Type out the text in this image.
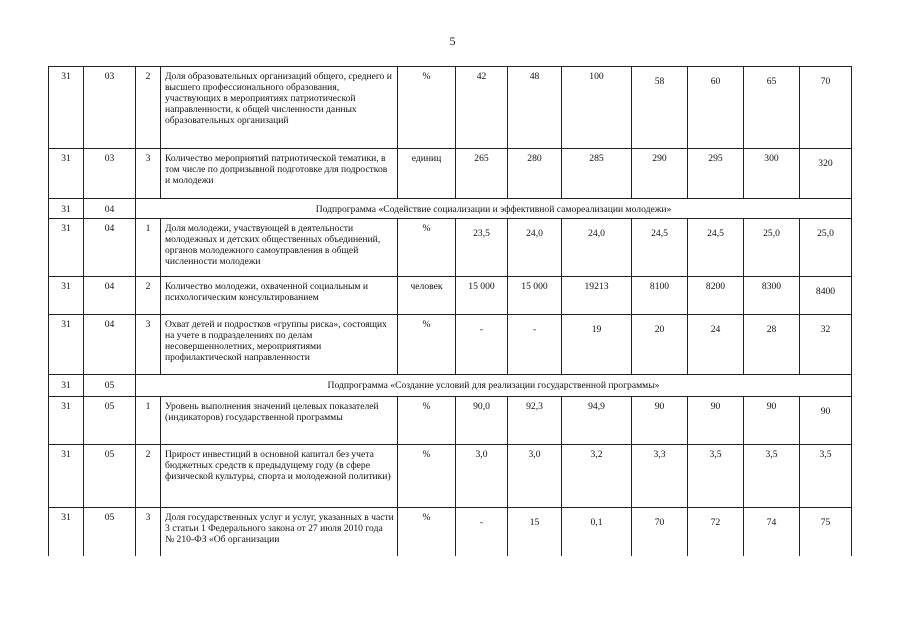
5
31	03	2	Доля образовательных организаций общего, среднего и высшего профессионального образования, участвующих в мероприятиях патриотической направленности, к общей численности данных образовательных организаций	%	42	48	100	58	60	65	70
31	03	3	Количество мероприятий патриотической тематики, в том числе по допризывной подготовке для подростков и молодежи	единиц	265	280	285	290	295	300	320
31	04	Подпрограмма «Содействие социализации и эффективной самореализации молодежи»									
31	04	1	Доля молодежи, участвующей в деятельности молодежных и детских общественных объединений, органов молодежного самоуправления в общей численности молодежи	%	23,5	24,0	24,0	24,5	24,5	25,0	25,0
31	04	2	Количество молодежи, охваченной социальным и психологическим консультированием	человек	15 000	15 000	19213	8100	8200	8300	8400
31	04	3	Охват детей и подростков «группы риска», состоящих на учете в подразделениях по делам несовершеннолетних, мероприятиями профилактической направленности	%	-	-	19	20	24	28	32
31	05	Подпрограмма «Создание условий для реализации государственной программы»									
31	05	1	Уровень выполнения значений целевых показателей (индикаторов) государственной программы	%	90,0	92,3	94,9	90	90	90	90
31	05	2	Прирост инвестиций в основной капитал без учета бюджетных средств к предыдущему году (в сфере физической культуры, спорта и молодежной политики)	%	3,0	3,0	3,2	3,3	3,5	3,5	3,5
31	05	3	Доля государственных услуг и услуг, указанных в части 3 статьи 1 Федерального закона от 27 июля 2010 года № 210-ФЗ «Об организации	%	-	15	0,1	70	72	74	75
